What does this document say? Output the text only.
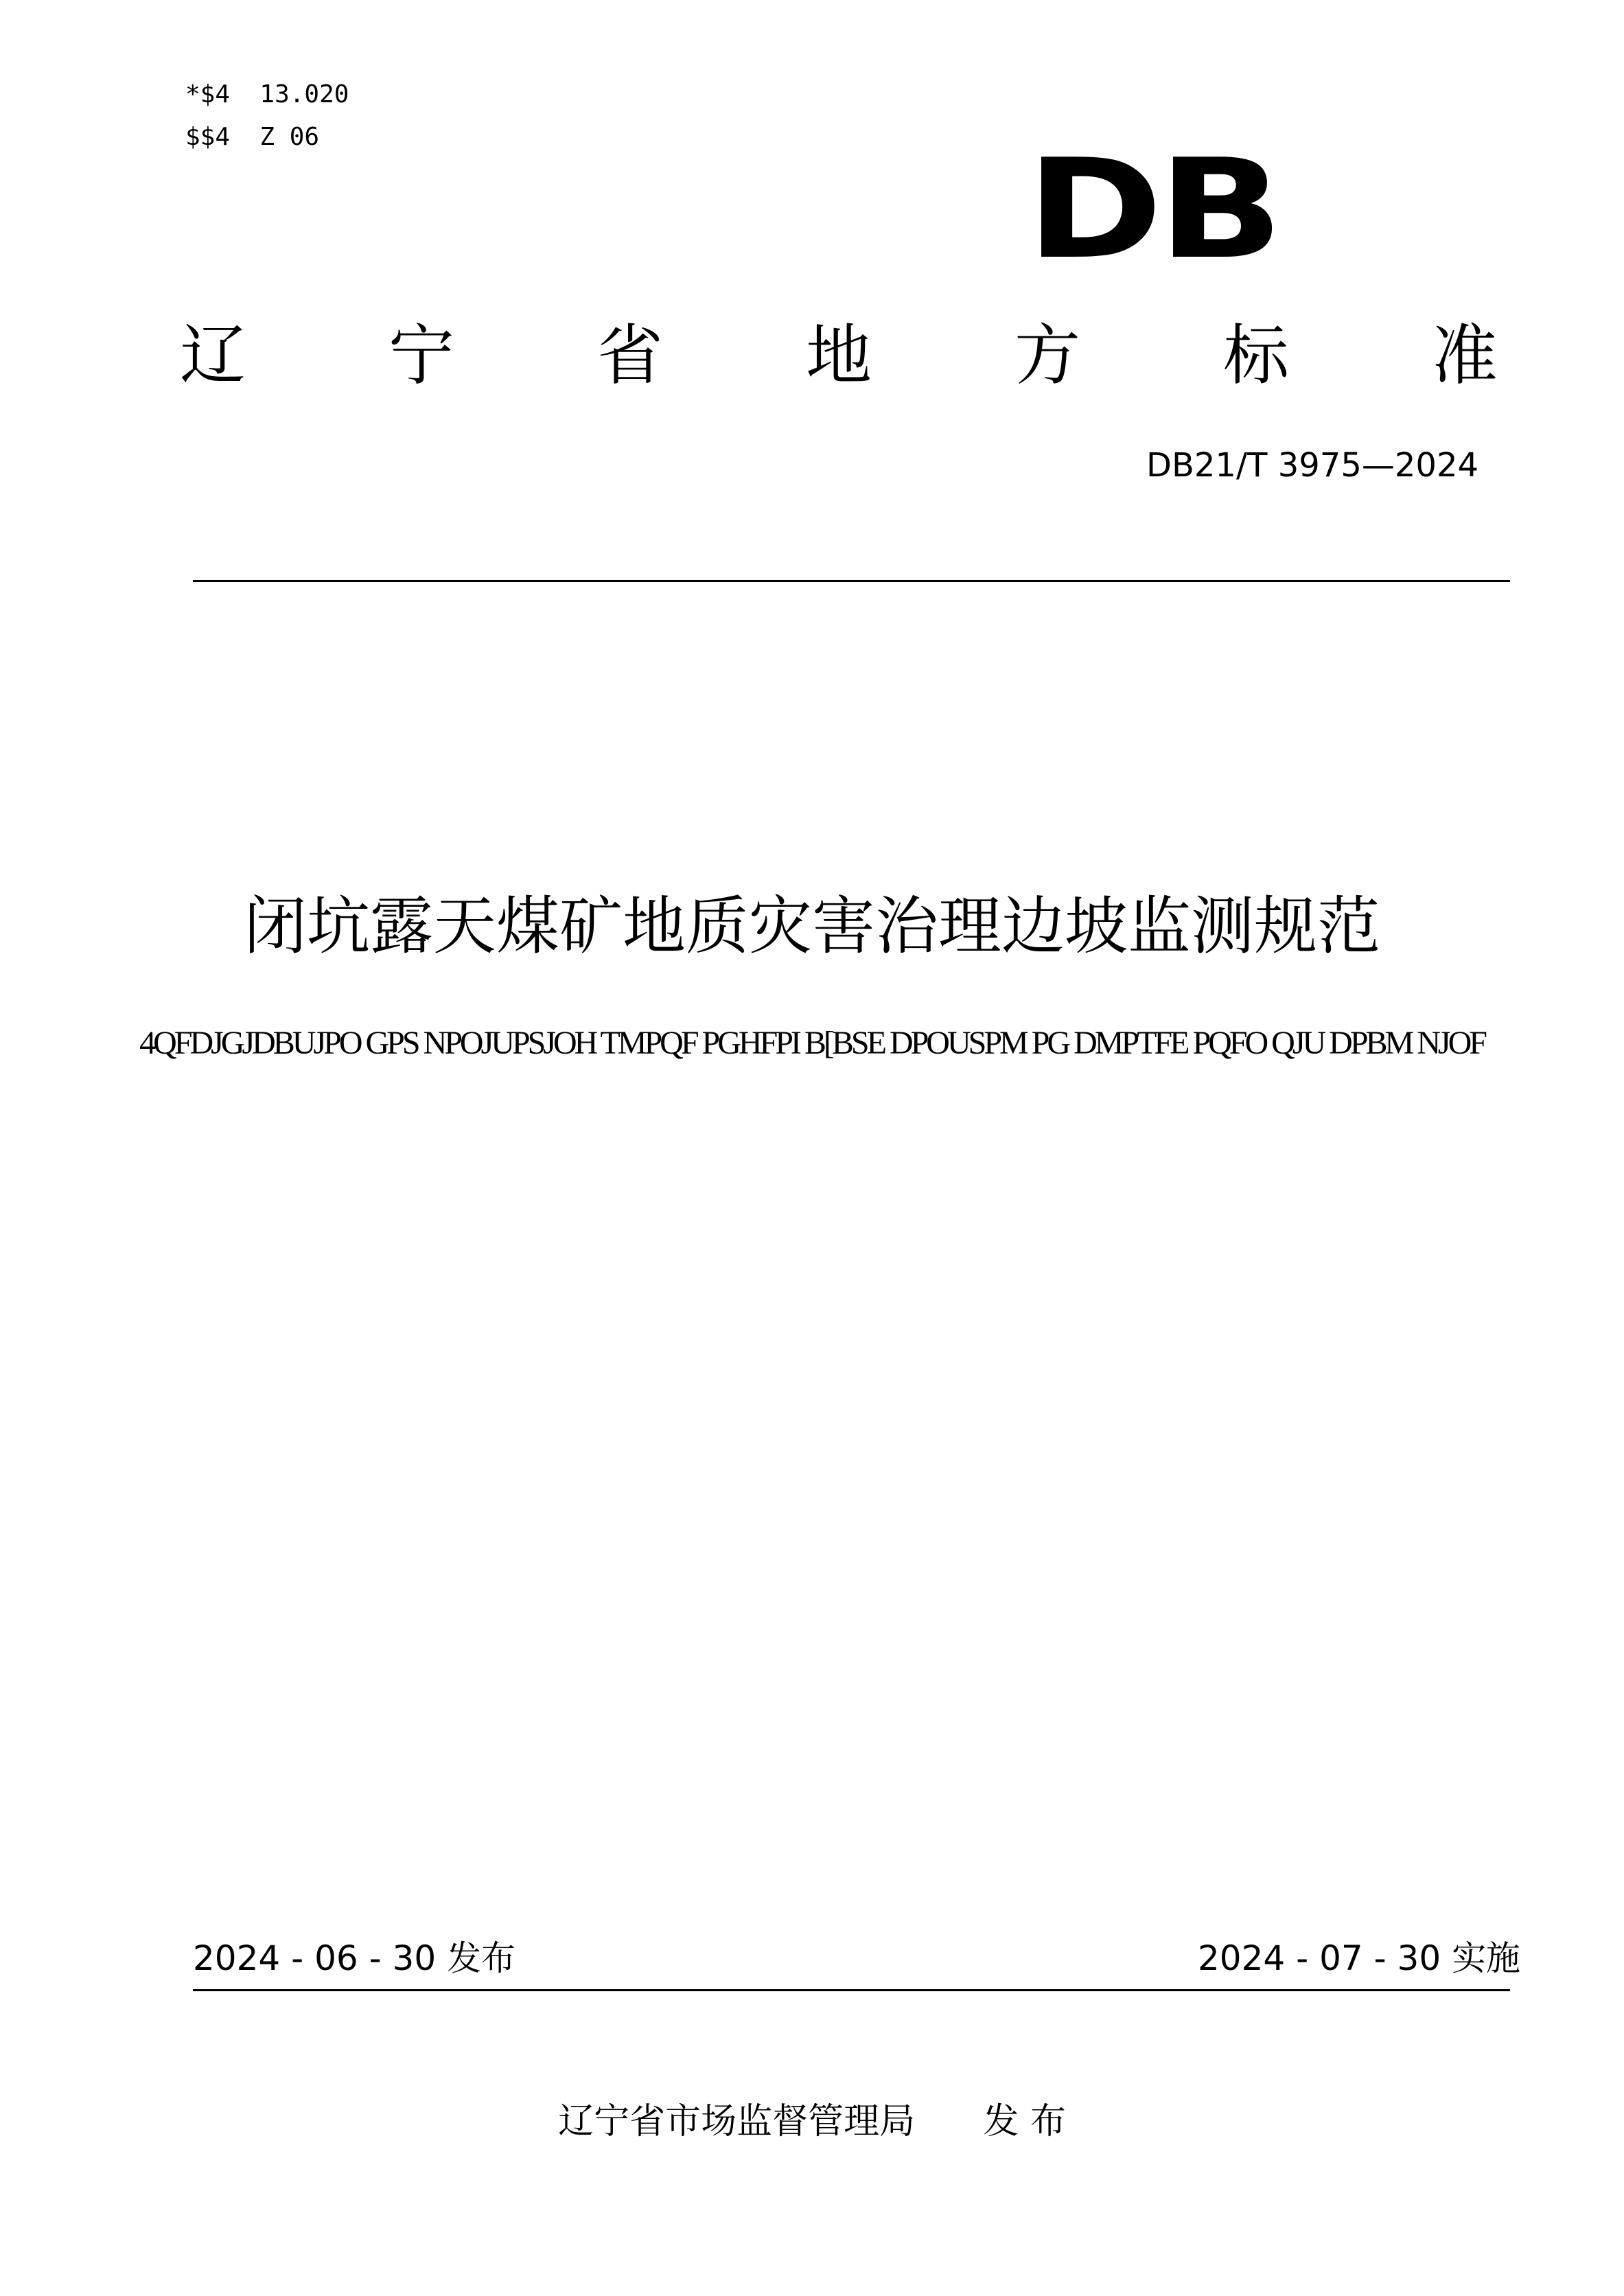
*$4 13.020
$$4 Z 06	DB
辽 宁 省 地 方 标 准
DB21/T 3975—2024
闭坑露天煤矿地质灾害治理边坡监测规范
4QFDJGJDBUJPO GPS NPOJUPSJOH TMPQF PGHFPI B[BSE DPOUSPM PG DMPTFE PQFO QJU DPBM NJOF
2024 - 06 - 30 发布	2024 - 07 - 30 实施
辽宁省市场监督管理局 发 布
